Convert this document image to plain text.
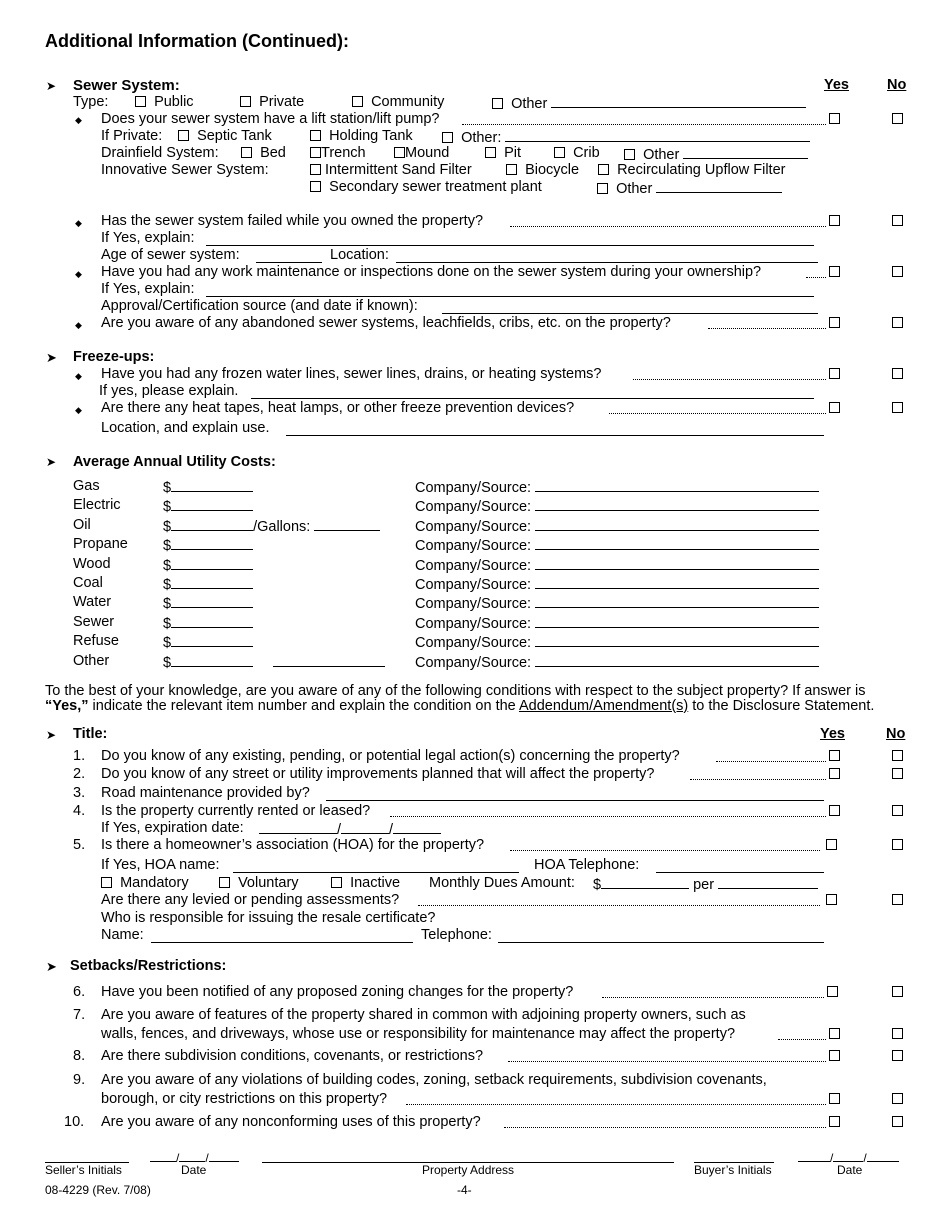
Additional Information (Continued):
➤ Sewer System:	Yes	No
Type:	Public	Private	Community	Other
◆ Does your sewer system have a lift station/lift pump?
If Private:	Septic Tank	Holding Tank	Other:
Drainfield System:	Bed	Trench	Mound	Pit	Crib	Other
Innovative Sewer System:	Intermittent Sand Filter	Biocycle	Recirculating Upflow Filter
Secondary sewer treatment plant	Other
◆ Has the sewer system failed while you owned the property?
If Yes, explain:
Age of sewer system:	Location:
◆ Have you had any work maintenance or inspections done on the sewer system during your ownership?
If Yes, explain:
Approval/Certification source (and date if known):
◆ Are you aware of any abandoned sewer systems, leachfields, cribs, etc. on the property?
➤ Freeze-ups:
◆ Have you had any frozen water lines, sewer lines, drains, or heating systems?
If yes, please explain.
◆ Are there any heat tapes, heat lamps, or other freeze prevention devices?
Location, and explain use.
➤ Average Annual Utility Costs:
Gas	$	Company/Source:
Electric	$	Company/Source:
Oil	$	/Gallons:	Company/Source:
Propane $	Company/Source:
Wood	$	Company/Source:
Coal	$	Company/Source:
Water	$	Company/Source:
Sewer	$	Company/Source:
Refuse	$	Company/Source:
Other	$	Company/Source:
To the best of your knowledge, are you aware of any of the following conditions with respect to the subject property? If answer is
“Yes,” indicate the relevant item number and explain the condition on the Addendum/Amendment(s) to the Disclosure Statement.
➤ Title:	Yes	No
1. Do you know of any existing, pending, or potential legal action(s) concerning the property?
2. Do you know of any street or utility improvements planned that will affect the property?
3. Road maintenance provided by?
4. Is the property currently rented or leased?
If Yes, expiration date:	/	/
5. Is there a homeowner’s association (HOA) for the property?
If Yes, HOA name:	HOA Telephone:
Mandatory	Voluntary	Inactive Monthly Dues Amount: $	per
Are there any levied or pending assessments?
Who is responsible for issuing the resale certificate?
Name:	Telephone:
➤ Setbacks/Restrictions:
6. Have you been notified of any proposed zoning changes for the property?
7. Are you aware of features of the property shared in common with adjoining property owners, such as
walls, fences, and driveways, whose use or responsibility for maintenance may affect the property?
8. Are there subdivision conditions, covenants, or restrictions?
9. Are you aware of any violations of building codes, zoning, setback requirements, subdivision covenants,
borough, or city restrictions on this property?
10. Are you aware of any nonconforming uses of this property?
/ /	/	/
Seller’s Initials	Date	Property Address	Buyer’s Initials	Date
08-4229 (Rev. 7/08)	-4-
